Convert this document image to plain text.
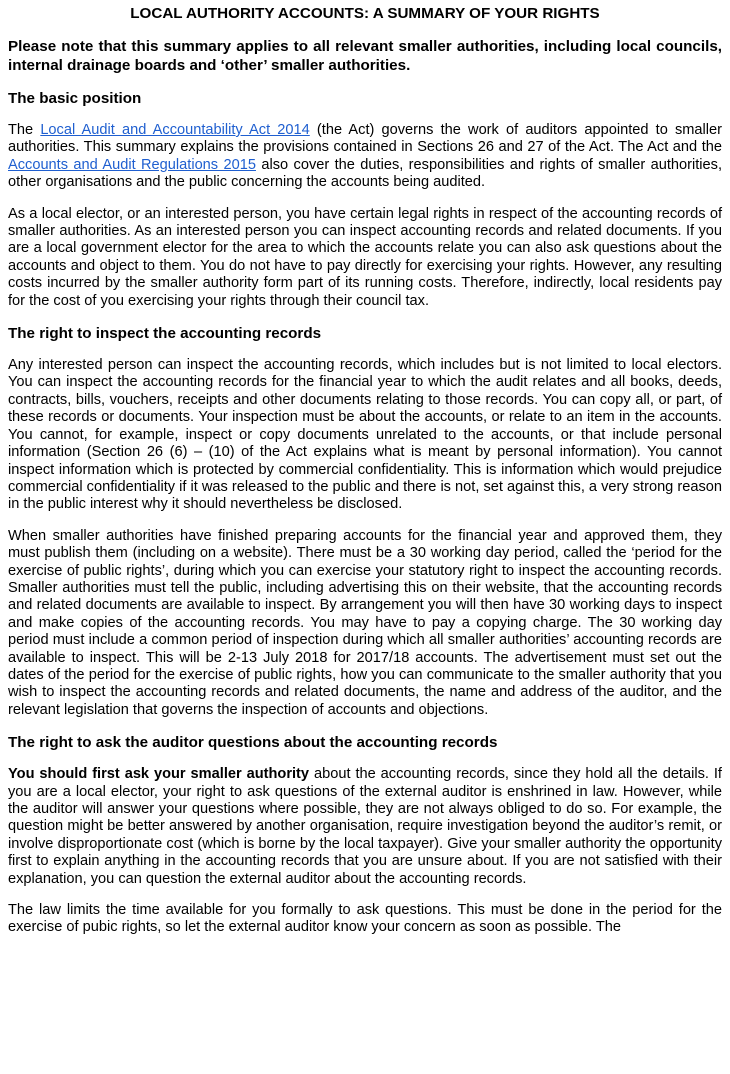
LOCAL AUTHORITY ACCOUNTS: A SUMMARY OF YOUR RIGHTS
Please note that this summary applies to all relevant smaller authorities, including local councils, internal drainage boards and ‘other’ smaller authorities.
The basic position

The Local Audit and Accountability Act 2014 (the Act) governs the work of auditors appointed to smaller authorities. This summary explains the provisions contained in Sections 26 and 27 of the Act. The Act and the Accounts and Audit Regulations 2015 also cover the duties, responsibilities and rights of smaller authorities, other organisations and the public concerning the accounts being audited.

As a local elector, or an interested person, you have certain legal rights in respect of the accounting records of smaller authorities. As an interested person you can inspect accounting records and related documents. If you are a local government elector for the area to which the accounts relate you can also ask questions about the accounts and object to them. You do not have to pay directly for exercising your rights. However, any resulting costs incurred by the smaller authority form part of its running costs. Therefore, indirectly, local residents pay for the cost of you exercising your rights through their council tax.

The right to inspect the accounting records

Any interested person can inspect the accounting records, which includes but is not limited to local electors. You can inspect the accounting records for the financial year to which the audit relates and all books, deeds, contracts, bills, vouchers, receipts and other documents relating to those records. You can copy all, or part, of these records or documents. Your inspection must be about the accounts, or relate to an item in the accounts. You cannot, for example, inspect or copy documents unrelated to the accounts, or that include personal information (Section 26 (6) – (10) of the Act explains what is meant by personal information). You cannot inspect information which is protected by commercial confidentiality. This is information which would prejudice commercial confidentiality if it was released to the public and there is not, set against this, a very strong reason in the public interest why it should nevertheless be disclosed.

When smaller authorities have finished preparing accounts for the financial year and approved them, they must publish them (including on a website). There must be a 30 working day period, called the ‘period for the exercise of public rights’, during which you can exercise your statutory right to inspect the accounting records. Smaller authorities must tell the public, including advertising this on their website, that the accounting records and related documents are available to inspect. By arrangement you will then have 30 working days to inspect and make copies of the accounting records. You may have to pay a copying charge. The 30 working day period must include a common period of inspection during which all smaller authorities’ accounting records are available to inspect. This will be 2-13 July 2018 for 2017/18 accounts. The advertisement must set out the dates of the period for the exercise of public rights, how you can communicate to the smaller authority that you wish to inspect the accounting records and related documents, the name and address of the auditor, and the relevant legislation that governs the inspection of accounts and objections.

The right to ask the auditor questions about the accounting records

You should first ask your smaller authority about the accounting records, since they hold all the details. If you are a local elector, your right to ask questions of the external auditor is enshrined in law. However, while the auditor will answer your questions where possible, they are not always obliged to do so. For example, the question might be better answered by another organisation, require investigation beyond the auditor’s remit, or involve disproportionate cost (which is borne by the local taxpayer). Give your smaller authority the opportunity first to explain anything in the accounting records that you are unsure about. If you are not satisfied with their explanation, you can question the external auditor about the accounting records.

The law limits the time available for you formally to ask questions. This must be done in the period for the exercise of pubic rights, so let the external auditor know your concern as soon as possible. The
